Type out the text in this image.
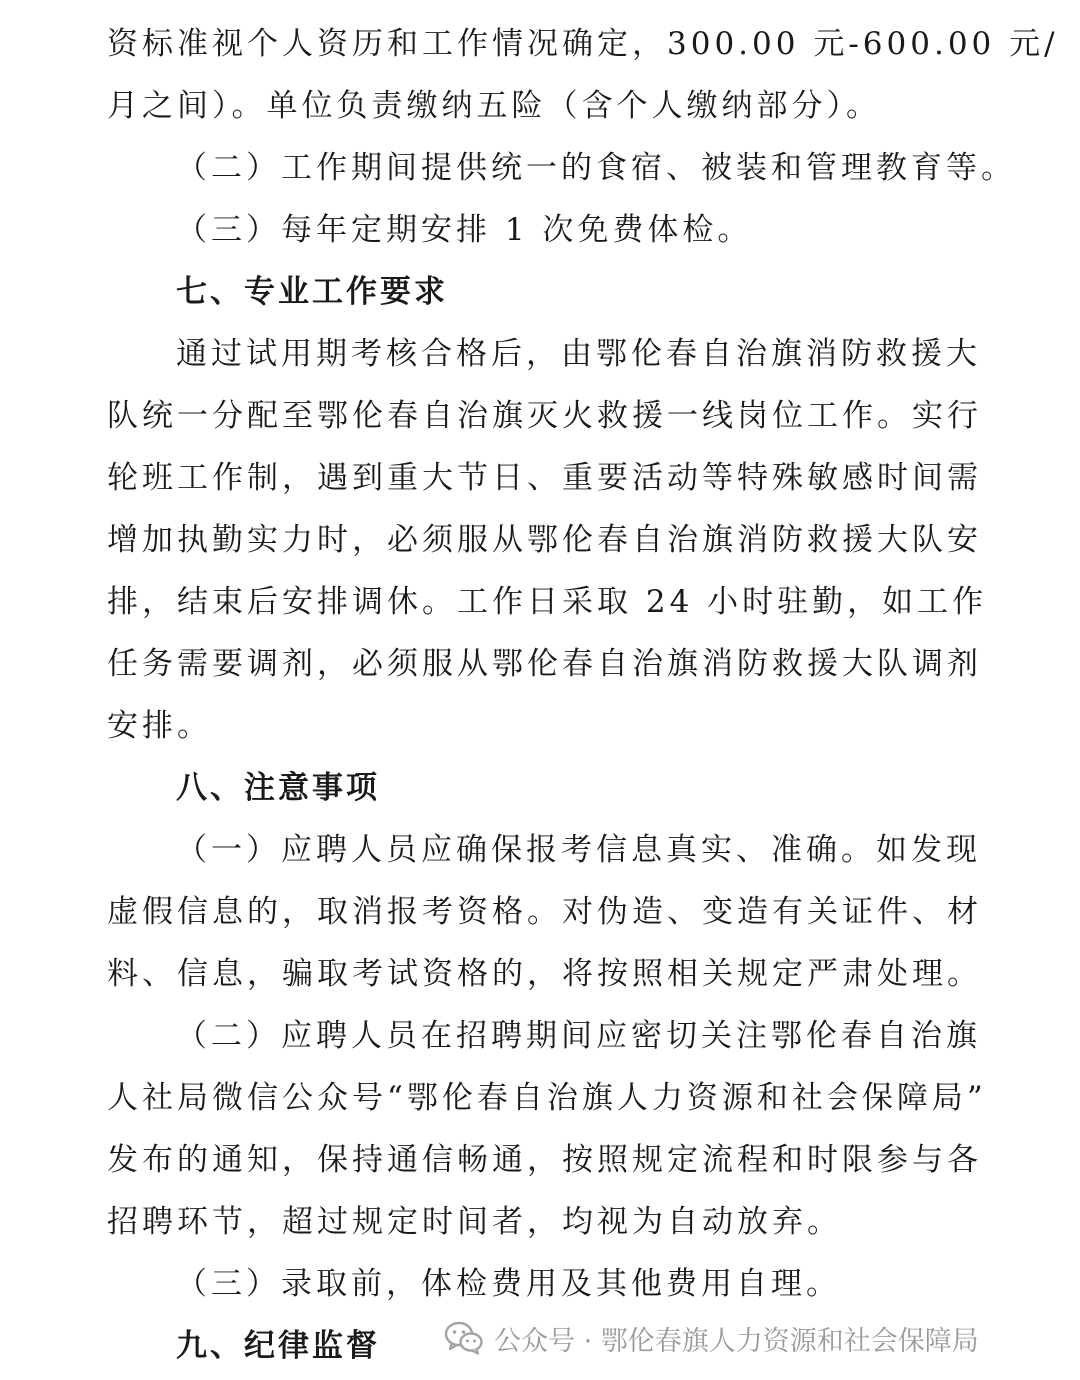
资标准视个人资历和工作情况确定，300.00 元-600.00 元/
月之间）。单位负责缴纳五险（含个人缴纳部分）。
（二）工作期间提供统一的食宿、被装和管理教育等。
（三）每年定期安排 1 次免费体检。
七、专业工作要求
通过试用期考核合格后，由鄂伦春自治旗消防救援大
队统一分配至鄂伦春自治旗灭火救援一线岗位工作。实行
轮班工作制，遇到重大节日、重要活动等特殊敏感时间需
增加执勤实力时，必须服从鄂伦春自治旗消防救援大队安
排，结束后安排调休。工作日采取 24 小时驻勤，如工作
任务需要调剂，必须服从鄂伦春自治旗消防救援大队调剂
安排。
八、注意事项
（一）应聘人员应确保报考信息真实、准确。如发现
虚假信息的，取消报考资格。对伪造、变造有关证件、材
料、信息，骗取考试资格的，将按照相关规定严肃处理。
（二）应聘人员在招聘期间应密切关注鄂伦春自治旗
人社局微信公众号“鄂伦春自治旗人力资源和社会保障局”
发布的通知，保持通信畅通，按照规定流程和时限参与各
招聘环节，超过规定时间者，均视为自动放弃。
（三）录取前，体检费用及其他费用自理。
九、纪律监督	公众号 · 鄂伦春旗人力资源和社会保障局
